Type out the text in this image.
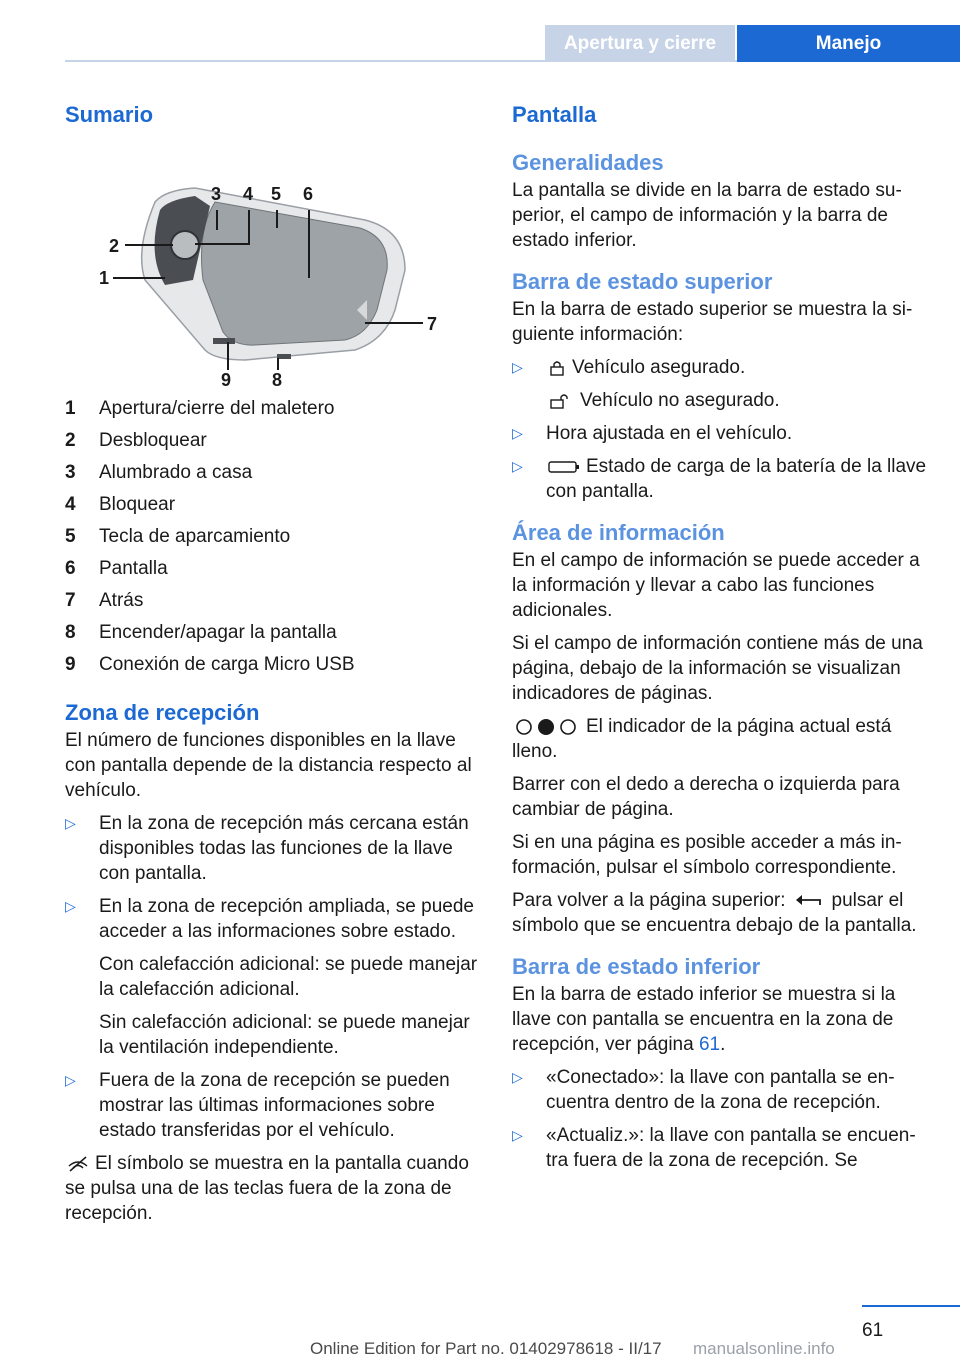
Apertura y cierre	Manejo
Sumario
1
2
3 4 5 6
7
8
9
1	Apertura/cierre del maletero
2	Desbloquear
3	Alumbrado a casa
4	Bloquear
5	Tecla de aparcamiento
6	Pantalla
7	Atrás
8	Encender/apagar la pantalla
9	Conexión de carga Micro USB
Zona de recepción

El número de funciones disponibles en la llave con pantalla depende de la distancia respecto al vehículo.

▷	En la zona de recepción más cercana están disponibles todas las funciones de la llave con pantalla.
▷	En la zona de recepción ampliada, se puede acceder a las informaciones sobre estado.

Con calefacción adicional: se puede manejar la calefacción adicional.

Sin calefacción adicional: se puede manejar la ventilación independiente.

▷	Fuera de la zona de recepción se pueden mostrar las últimas informaciones sobre estado transferidas por el vehículo.

El símbolo se muestra en la pantalla cuando se pulsa una de las teclas fuera de la zona de recepción.

Pantalla
Generalidades

La pantalla se divide en la barra de estado superior, el campo de información y la barra de estado inferior.

Barra de estado superior

En la barra de estado superior se muestra la siguiente información:

▷	Vehículo asegurado.

Vehículo no asegurado.

▷	Hora ajustada en el vehículo.
▷	Estado de carga de la batería de la llave con pantalla.
Área de información

En el campo de información se puede acceder a la información y llevar a cabo las funciones adicionales.

Si el campo de información contiene más de una página, debajo de la información se visualizan indicadores de páginas.

El indicador de la página actual está lleno.

Barrer con el dedo a derecha o izquierda para cambiar de página.

Si en una página es posible acceder a más información, pulsar el símbolo correspondiente.

Para volver a la página superior: pulsar el símbolo que se encuentra debajo de la pantalla.

Barra de estado inferior

En la barra de estado inferior se muestra si la llave con pantalla se encuentra en la zona de recepción, ver página 61.

▷	«Conectado»: la llave con pantalla se encuentra dentro de la zona de recepción.
▷	«Actualiz.»: la llave con pantalla se encuentra fuera de la zona de recepción. Se
61
Online Edition for Part no. 01402978618 - II/17 manualsonline.info
